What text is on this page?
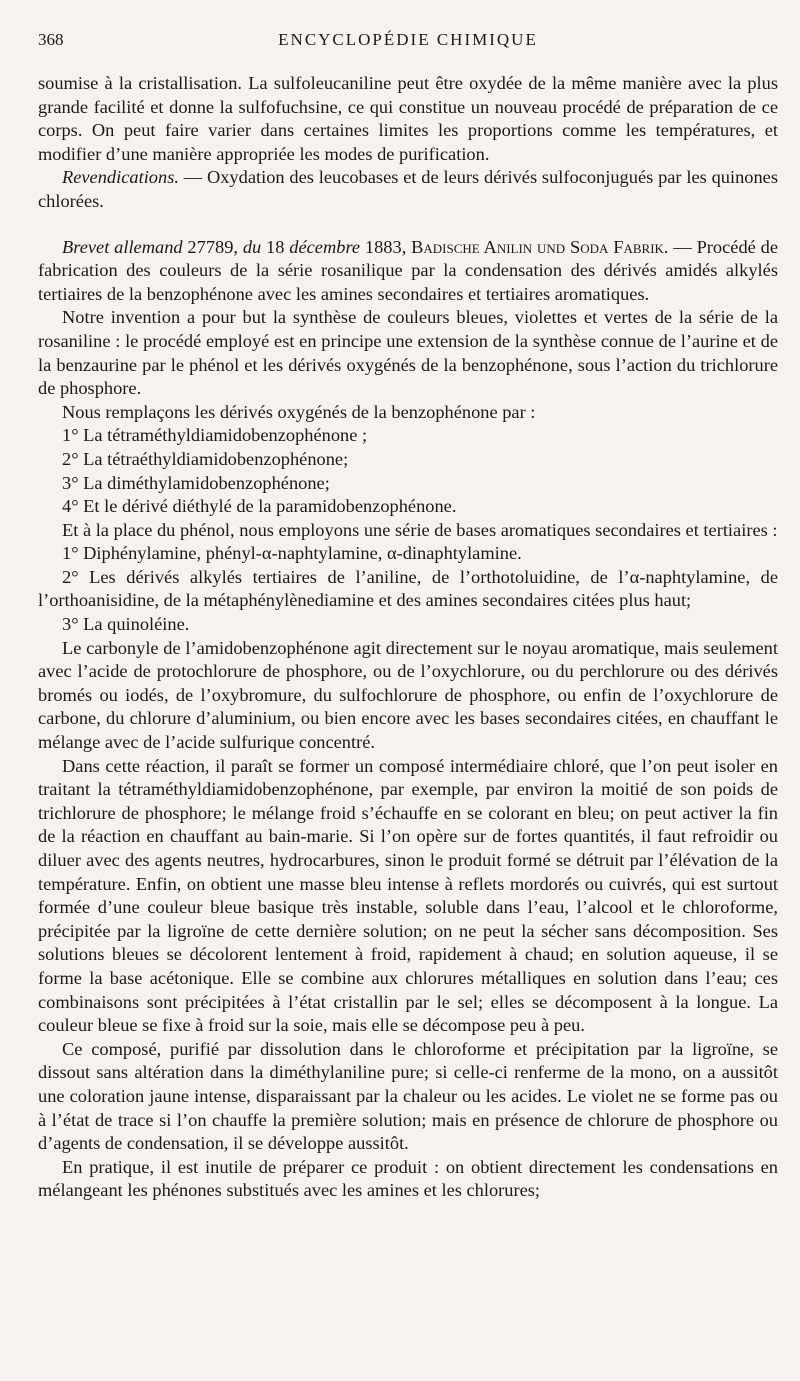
368	ENCYCLOPÉDIE CHIMIQUE

soumise à la cristallisation. La sulfoleucaniline peut être oxydée de la même manière avec la plus grande facilité et donne la sulfofuchsine, ce qui constitue un nouveau procédé de préparation de ce corps. On peut faire varier dans certaines limites les proportions comme les températures, et modifier d’une manière appropriée les modes de purification.

Revendications. — Oxydation des leucobases et de leurs dérivés sulfoconjugués par les quinones chlorées.

Brevet allemand 27789, du 18 décembre 1883, Badische Anilin und Soda Fabrik. — Procédé de fabrication des couleurs de la série rosanilique par la condensation des dérivés amidés alkylés tertiaires de la benzophénone avec les amines secondaires et tertiaires aromatiques.

Notre invention a pour but la synthèse de couleurs bleues, violettes et vertes de la série de la rosaniline : le procédé employé est en principe une extension de la synthèse connue de l’aurine et de la benzaurine par le phénol et les dérivés oxygénés de la benzophénone, sous l’action du trichlorure de phosphore.

Nous remplaçons les dérivés oxygénés de la benzophénone par :

1° La tétraméthyldiamidobenzophénone ;

2° La tétraéthyldiamidobenzophénone;

3° La diméthylamidobenzophénone;

4° Et le dérivé diéthylé de la paramidobenzophénone.

Et à la place du phénol, nous employons une série de bases aromatiques secondaires et tertiaires :

1° Diphénylamine, phényl-α-naphtylamine, α-dinaphtylamine.

2° Les dérivés alkylés tertiaires de l’aniline, de l’orthotoluidine, de l’α-naphtylamine, de l’orthoanisidine, de la métaphénylènediamine et des amines secondaires citées plus haut;

3° La quinoléine.

Le carbonyle de l’amidobenzophénone agit directement sur le noyau aromatique, mais seulement avec l’acide de protochlorure de phosphore, ou de l’oxychlorure, ou du perchlorure ou des dérivés bromés ou iodés, de l’oxybromure, du sulfochlorure de phosphore, ou enfin de l’oxychlorure de carbone, du chlorure d’aluminium, ou bien encore avec les bases secondaires citées, en chauffant le mélange avec de l’acide sulfurique concentré.

Dans cette réaction, il paraît se former un composé intermédiaire chloré, que l’on peut isoler en traitant la tétraméthyldiamidobenzophénone, par exemple, par environ la moitié de son poids de trichlorure de phosphore; le mélange froid s’échauffe en se colorant en bleu; on peut activer la fin de la réaction en chauffant au bain-marie. Si l’on opère sur de fortes quantités, il faut refroidir ou diluer avec des agents neutres, hydrocarbures, sinon le produit formé se détruit par l’élévation de la température. Enfin, on obtient une masse bleu intense à reflets mordorés ou cuivrés, qui est surtout formée d’une couleur bleue basique très instable, soluble dans l’eau, l’alcool et le chloroforme, précipitée par la ligroïne de cette dernière solution; on ne peut la sécher sans décomposition. Ses solutions bleues se décolorent lentement à froid, rapidement à chaud; en solution aqueuse, il se forme la base acétonique. Elle se combine aux chlorures métalliques en solution dans l’eau; ces combinaisons sont précipitées à l’état cristallin par le sel; elles se décomposent à la longue. La couleur bleue se fixe à froid sur la soie, mais elle se décompose peu à peu.

Ce composé, purifié par dissolution dans le chloroforme et précipitation par la ligroïne, se dissout sans altération dans la diméthylaniline pure; si celle-ci renferme de la mono, on a aussitôt une coloration jaune intense, disparaissant par la chaleur ou les acides. Le violet ne se forme pas ou à l’état de trace si l’on chauffe la première solution; mais en présence de chlorure de phosphore ou d’agents de condensation, il se développe aussitôt.

En pratique, il est inutile de préparer ce produit : on obtient directement les condensations en mélangeant les phénones substitués avec les amines et les chlorures;
